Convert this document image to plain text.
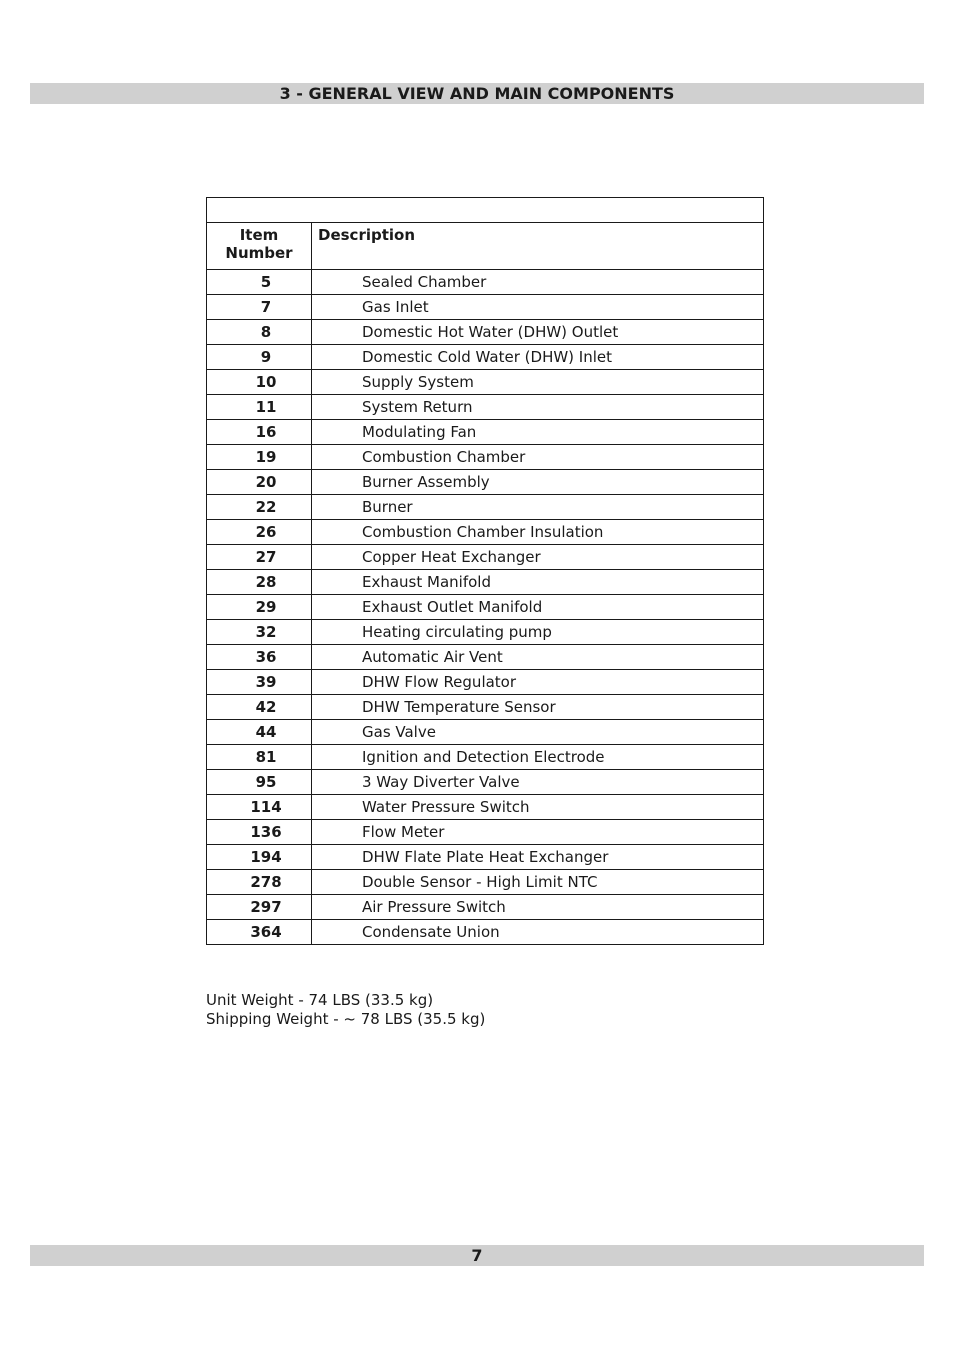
3 - GENERAL VIEW AND MAIN COMPONENTS

Item Number	Description
5	Sealed Chamber
7	Gas Inlet
8	Domestic Hot Water (DHW) Outlet
9	Domestic Cold Water (DHW) Inlet
10	Supply System
11	System Return
16	Modulating Fan
19	Combustion Chamber
20	Burner Assembly
22	Burner
26	Combustion Chamber Insulation
27	Copper Heat Exchanger
28	Exhaust Manifold
29	Exhaust Outlet Manifold
32	Heating circulating pump
36	Automatic Air Vent
39	DHW Flow Regulator
42	DHW Temperature Sensor
44	Gas Valve
81	Ignition and Detection Electrode
95	3 Way Diverter Valve
114	Water Pressure Switch
136	Flow Meter
194	DHW Flate Plate Heat Exchanger
278	Double Sensor - High Limit NTC
297	Air Pressure Switch
364	Condensate Union
Unit Weight - 74 LBS (33.5 kg)
Shipping Weight - ~ 78 LBS (35.5 kg)
7
